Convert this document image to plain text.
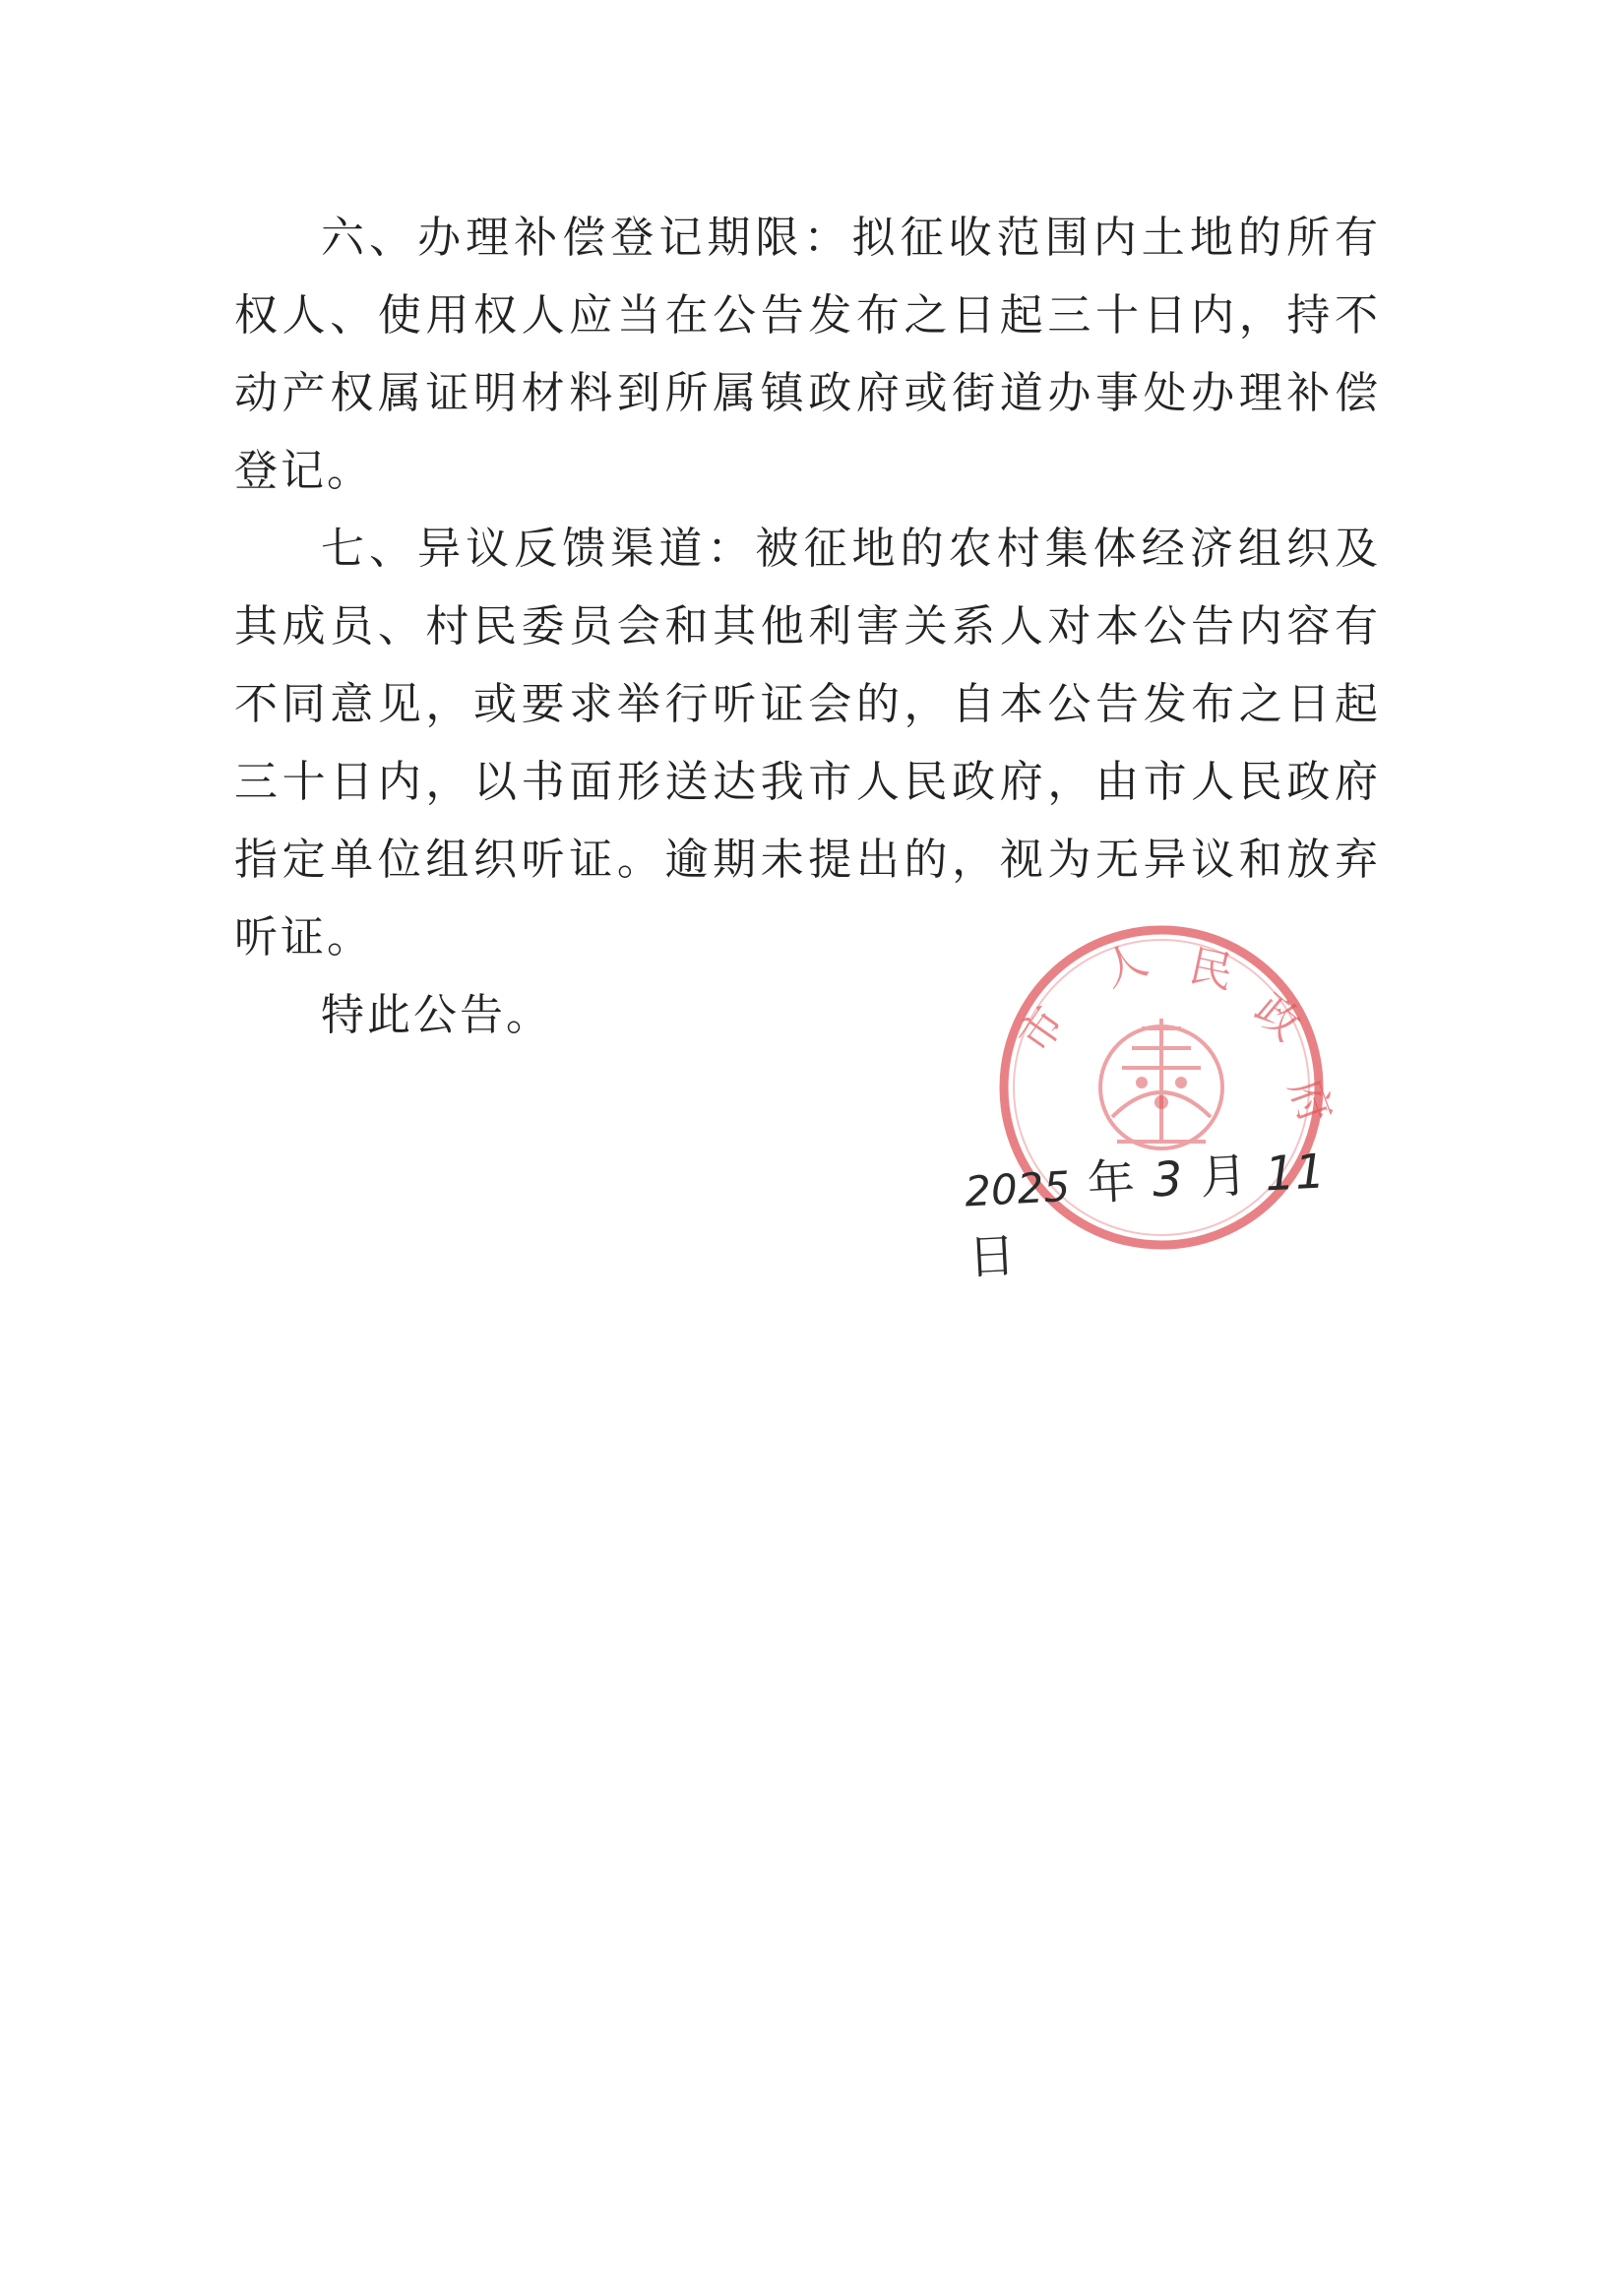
六、办理补偿登记期限：拟征收范围内土地的所有权人、使用权人应当在公告发布之日起三十日内，持不动产权属证明材料到所属镇政府或街道办事处办理补偿登记。

七、异议反馈渠道：被征地的农村集体经济组织及其成员、村民委员会和其他利害关系人对本公告内容有不同意见，或要求举行听证会的，自本公告发布之日起三十日内，以书面形送达我市人民政府，由市人民政府指定单位组织听证。逾期未提出的，视为无异议和放弃听证。

特此公告。	市
人 民
政
府
2025 年 3 月 11日
